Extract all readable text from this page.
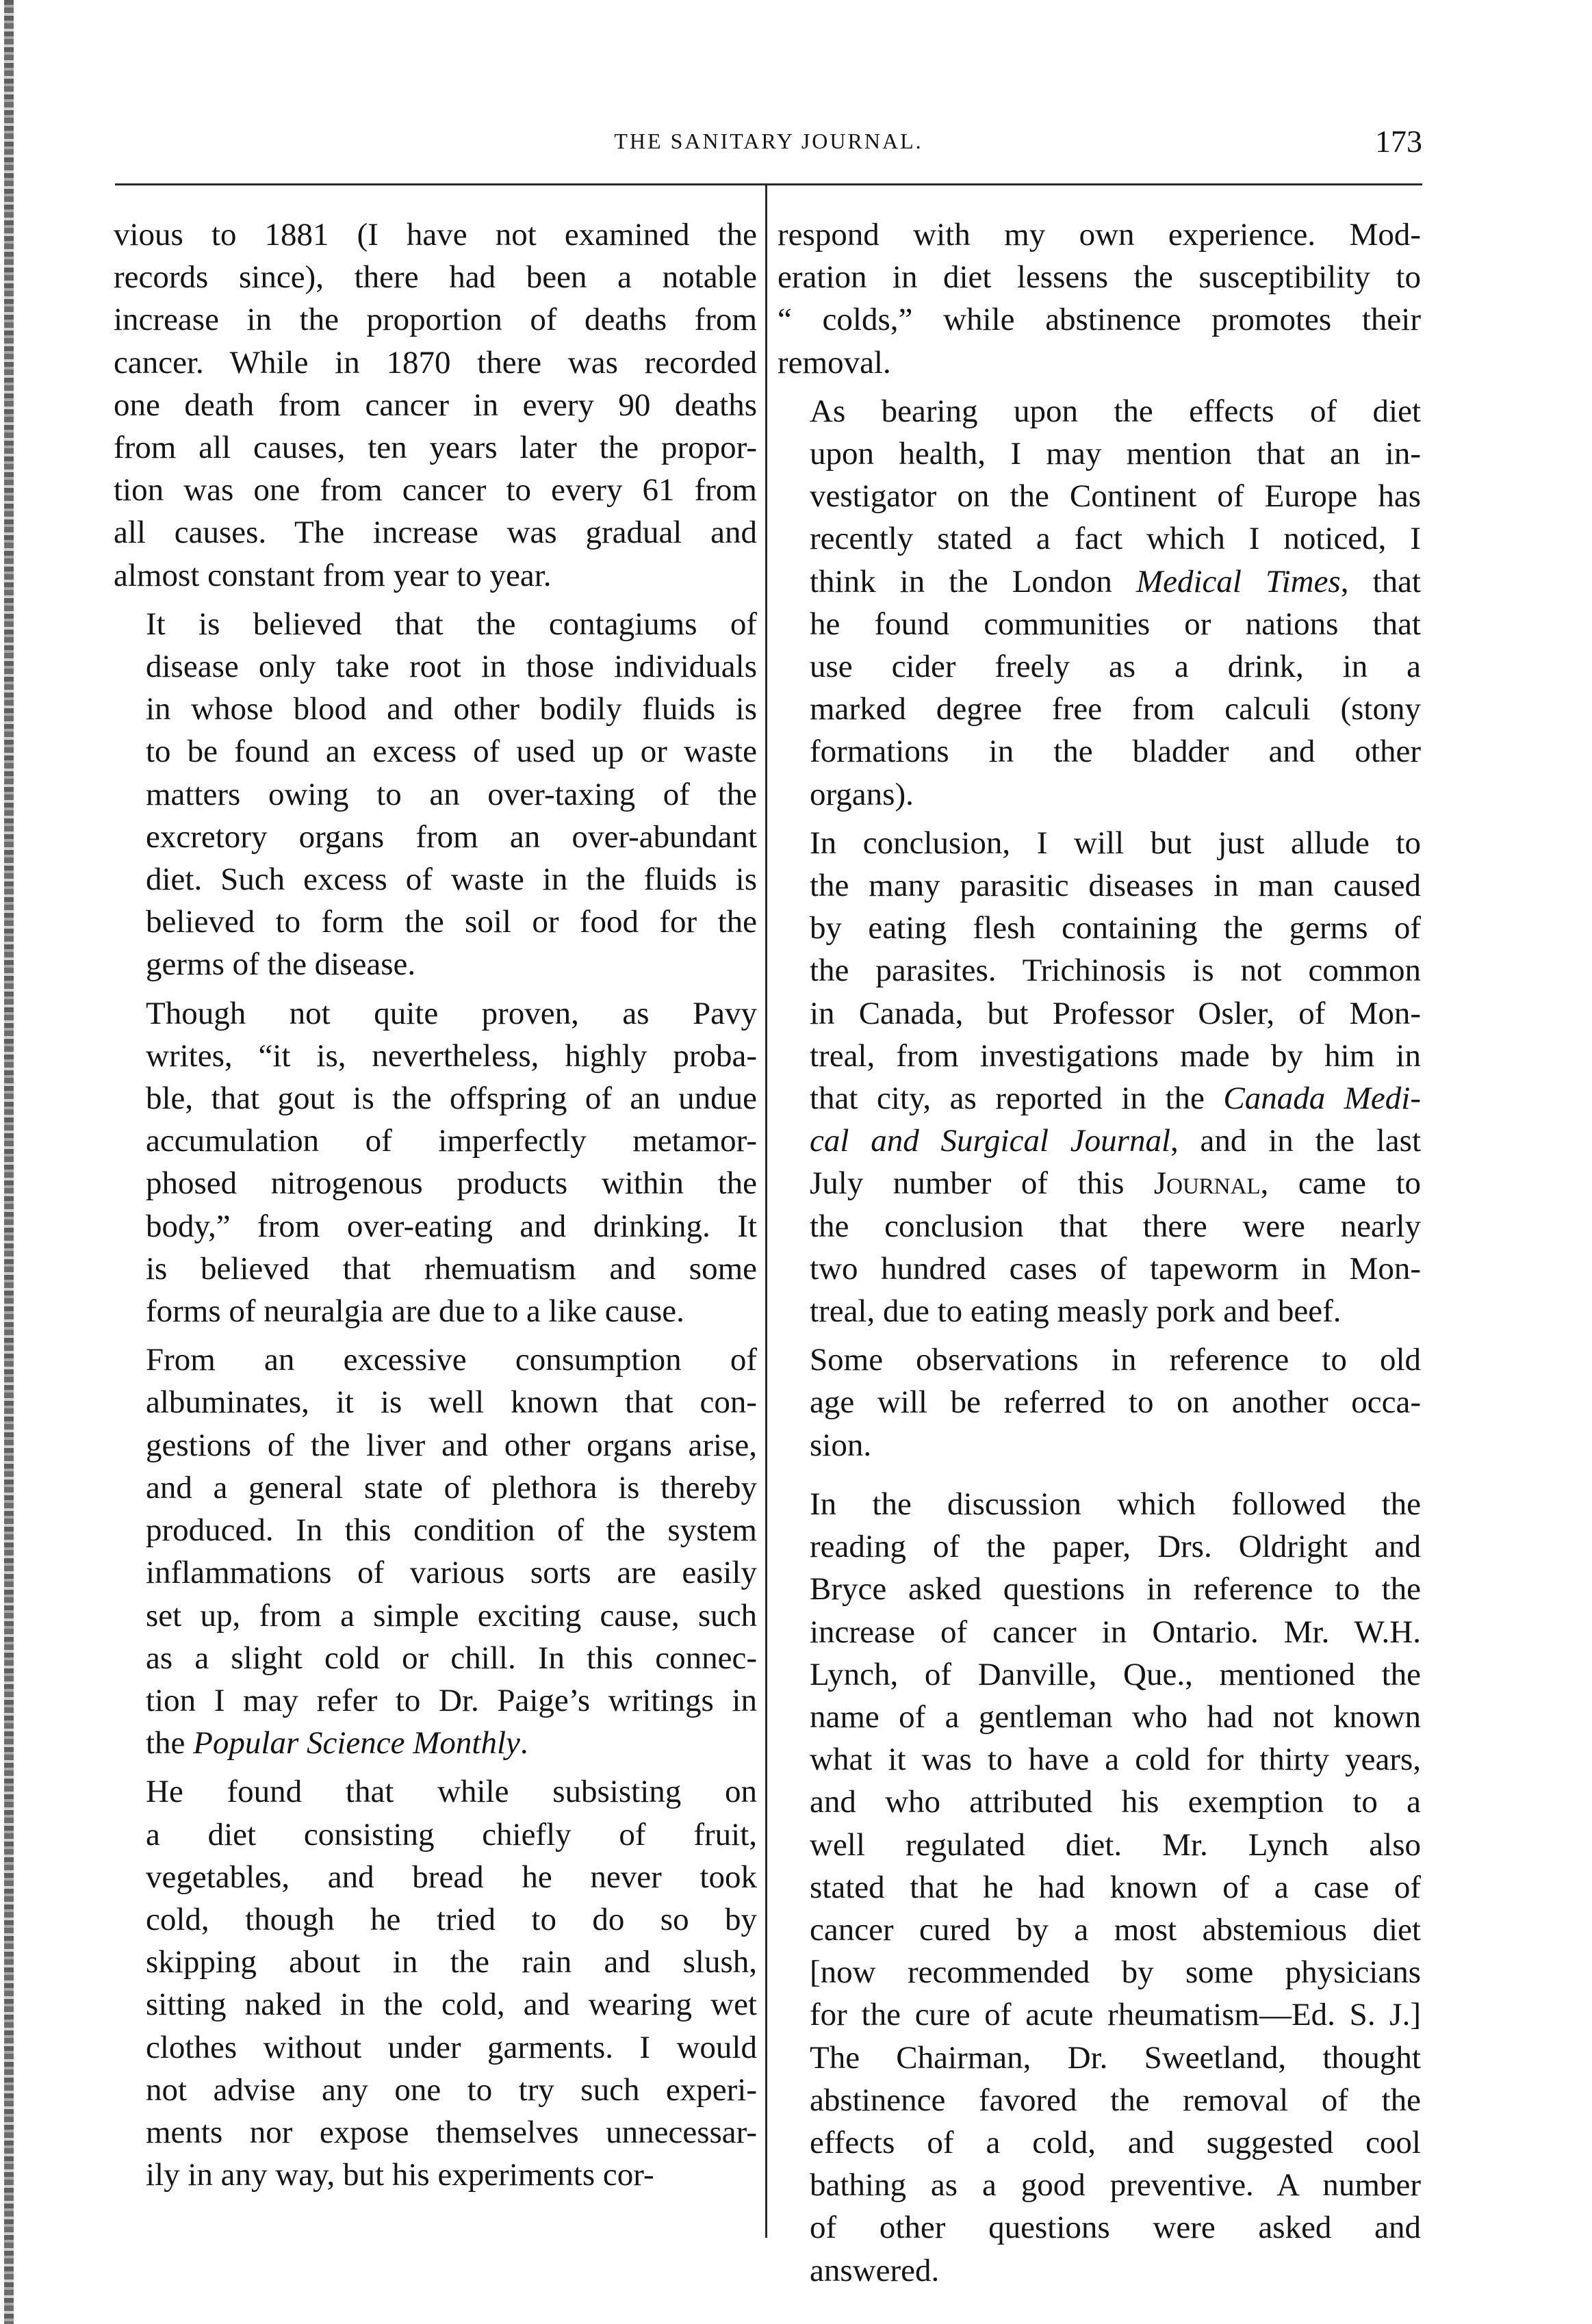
THE SANITARY JOURNAL.	173

vious to 1881 (I have not examined the
records since), there had been a notable
increase in the proportion of deaths from
cancer. While in 1870 there was recorded
one death from cancer in every 90 deaths
from all causes, ten years later the propor-
tion was one from cancer to every 61 from
all causes. The increase was gradual and
almost constant from year to year.

It is believed that the contagiums of
disease only take root in those individuals
in whose blood and other bodily fluids is
to be found an excess of used up or waste
matters owing to an over-taxing of the
excretory organs from an over-abundant
diet. Such excess of waste in the fluids is
believed to form the soil or food for the
germs of the disease.

Though not quite proven, as Pavy
writes, “it is, nevertheless, highly proba-
ble, that gout is the offspring of an undue
accumulation of imperfectly metamor-
phosed nitrogenous products within the
body,” from over-eating and drinking. It
is believed that rhemuatism and some
forms of neuralgia are due to a like cause.

From an excessive consumption of
albuminates, it is well known that con-
gestions of the liver and other organs arise,
and a general state of plethora is thereby
produced. In this condition of the system
inflammations of various sorts are easily
set up, from a simple exciting cause, such
as a slight cold or chill. In this connec-
tion I may refer to Dr. Paige’s writings in
the Popular Science Monthly.

He found that while subsisting on
a diet consisting chiefly of fruit,
vegetables, and bread he never took
cold, though he tried to do so by
skipping about in the rain and slush,
sitting naked in the cold, and wearing wet
clothes without under garments. I would
not advise any one to try such experi-
ments nor expose themselves unnecessar-
ily in any way, but his experiments cor-

respond with my own experience. Mod-
eration in diet lessens the susceptibility to
“ colds,” while abstinence promotes their
removal.

As bearing upon the effects of diet
upon health, I may mention that an in-
vestigator on the Continent of Europe has
recently stated a fact which I noticed, I
think in the London Medical Times, that
he found communities or nations that
use cider freely as a drink, in a
marked degree free from calculi (stony
formations in the bladder and other
organs).

In conclusion, I will but just allude to
the many parasitic diseases in man caused
by eating flesh containing the germs of
the parasites. Trichinosis is not common
in Canada, but Professor Osler, of Mon-
treal, from investigations made by him in
that city, as reported in the Canada Medi-
cal and Surgical Journal, and in the last
July number of this Journal, came to
the conclusion that there were nearly
two hundred cases of tapeworm in Mon-
treal, due to eating measly pork and beef.

Some observations in reference to old
age will be referred to on another occa-
sion.

In the discussion which followed the
reading of the paper, Drs. Oldright and
Bryce asked questions in reference to the
increase of cancer in Ontario. Mr. W.H.
Lynch, of Danville, Que., mentioned the
name of a gentleman who had not known
what it was to have a cold for thirty years,
and who attributed his exemption to a
well regulated diet. Mr. Lynch also
stated that he had known of a case of
cancer cured by a most abstemious diet
[now recommended by some physicians
for the cure of acute rheumatism—Ed. S. J.]
The Chairman, Dr. Sweetland, thought
abstinence favored the removal of the
effects of a cold, and suggested cool
bathing as a good preventive. A number
of other questions were asked and
answered.
